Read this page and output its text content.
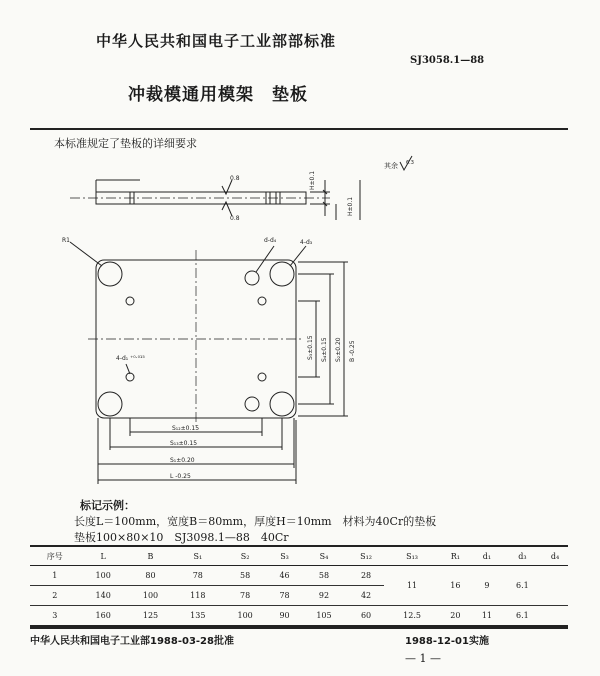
中华人民共和国电子工业部部标准
SJ3058.1—88
冲裁模通用模架　垫板
本标准规定了垫板的详细要求
0.8
0.8
H±0.1
H±0.1
R1	d-d₄	4-d₃
4-d₁ ⁺⁰·⁰¹⁵
S₁₂±0.15
S₁₃±0.15
S₁±0.20
L -0.25
S₃±0.15 S₄±0.15 S₂±0.20 B -0.25
其余 6.3
标记示例：
长度L＝100mm，宽度B＝80mm，厚度H＝10mm　材料为40Cr的垫板
垫板100×80×10　SJ3098.1—88　40Cr
序号	L	B	S₁	S₂	S₃	S₄	S₁₂	S₁₃	R₁	d₁	d₃	d₄
1	100	80	78	58	46	58	28	11	16	9	6.1	
2	140	100	118	78	78	92	42					
3	160	125	135	100	90	105	60	12.5	20	11	6.1	
中华人民共和国电子工业部1988-03-28批准	1988-12-01实施
— 1 —
